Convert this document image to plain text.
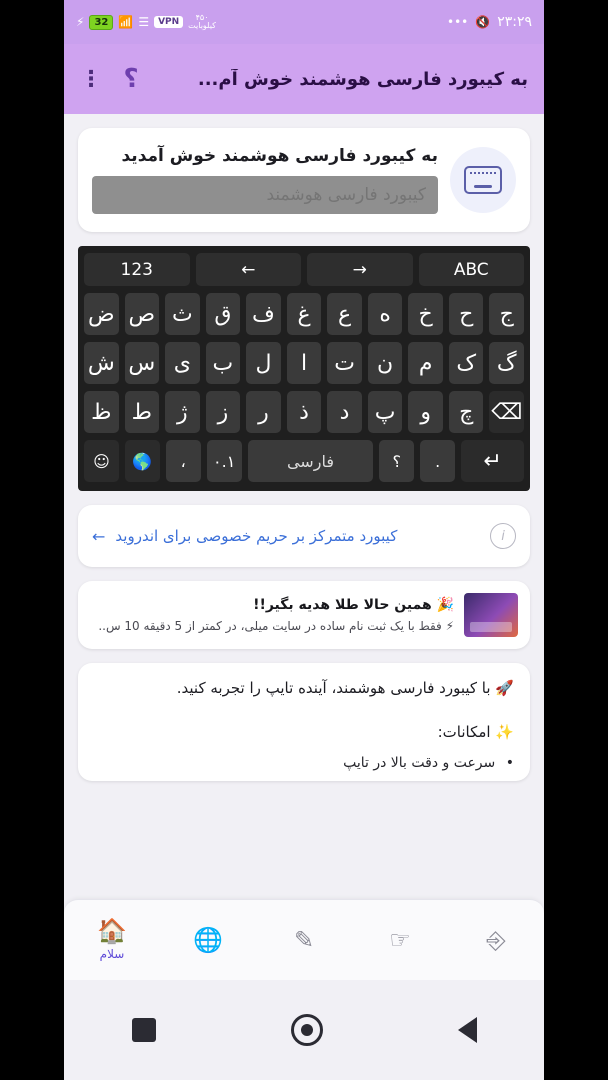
⚡	32 📶 ☰	VPN	۴۵٠
کیلوبایت	••• 🔇 ۲۳:۲۹
به کیبورد فارسی هوشمند خوش آم...
؟
⋮
به کیبورد فارسی هوشمند خوش آمدید
کیبورد فارسی هوشمند
123	←	→	ABC
ض ص ث ق ف	غ	ع	ه	خ	ح	ج
ش س ی ب	ل	ا	ت	ن	م	ک گ
ظ ط	ژ	ز	ر	ذ	د	پ	و	چ ⌫
☺	🌎	،	٠.١	فارسی	؟	.	↵
i
کیبورد متمرکز بر حریم خصوصی برای اندروید
←
🎉 همین حالا طلا هدیه بگیر!!
⚡ فقط با یک ثبت نام ساده در سایت میلی، در کمتر از 5 دقیقه 10 س..
🚀 با کیبورد فارسی هوشمند، آینده تایپ را تجربه کنید.
✨ امکانات:
• سرعت و دقت بالا در تایپ
⎆
☞
✎
🌐
🏠
سلام
